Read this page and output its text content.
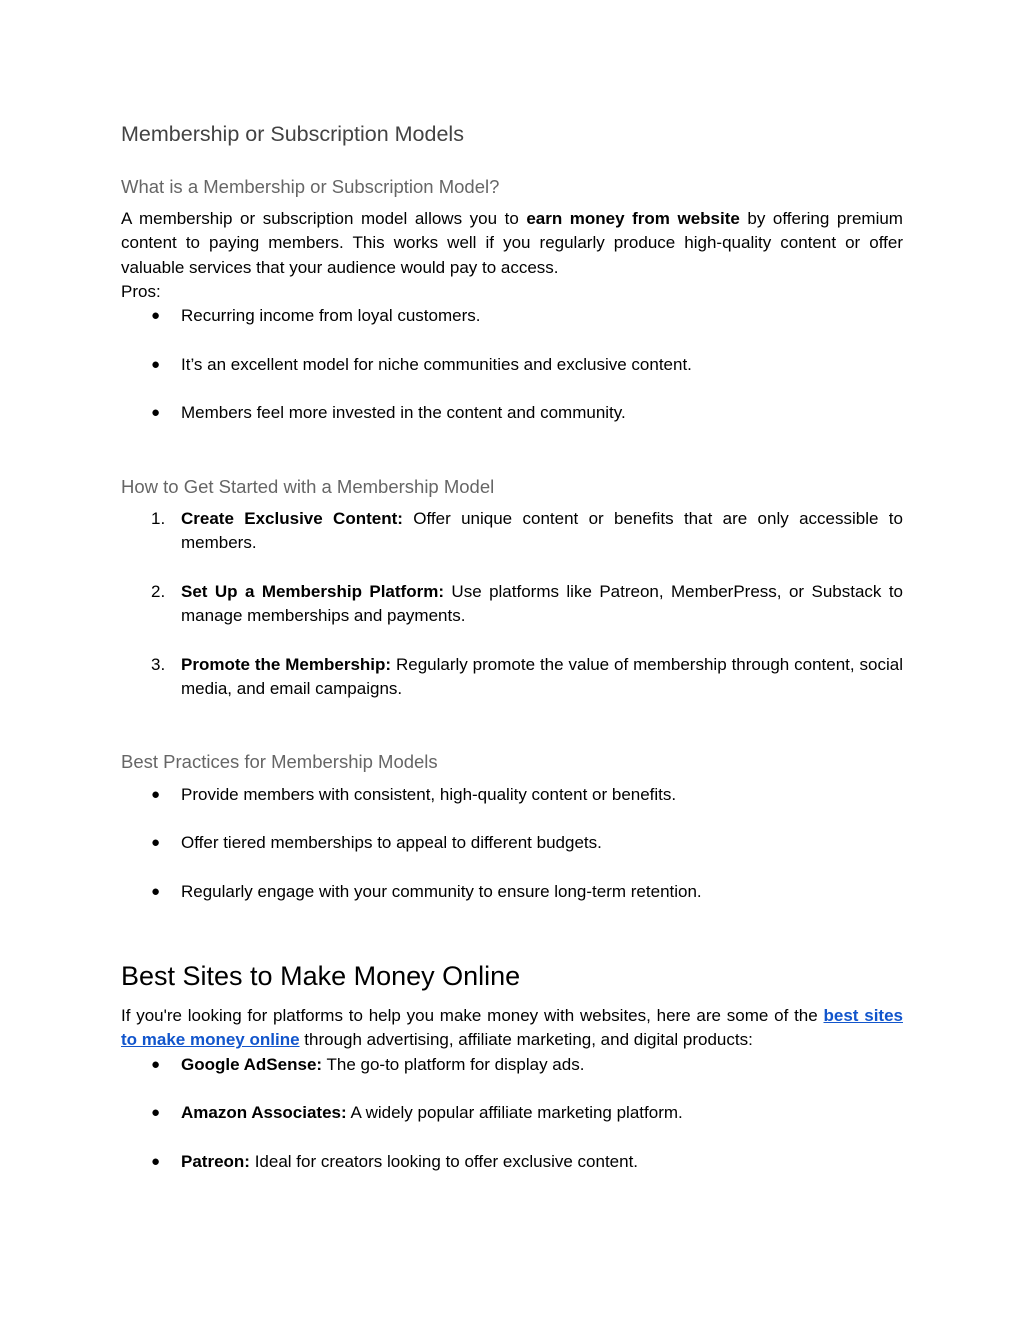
Membership or Subscription Models
What is a Membership or Subscription Model?
A membership or subscription model allows you to earn money from website by offering premium content to paying members. This works well if you regularly produce high-quality content or offer valuable services that your audience would pay to access.
Pros:
●	Recurring income from loyal customers.
●	It’s an excellent model for niche communities and exclusive content.
●	Members feel more invested in the content and community.
How to Get Started with a Membership Model
1. Create Exclusive Content: Offer unique content or benefits that are only accessible to members.
2. Set Up a Membership Platform: Use platforms like Patreon, MemberPress, or Substack to manage memberships and payments.
3. Promote the Membership: Regularly promote the value of membership through content, social media, and email campaigns.
Best Practices for Membership Models
●	Provide members with consistent, high-quality content or benefits.
●	Offer tiered memberships to appeal to different budgets.
●	Regularly engage with your community to ensure long-term retention.
Best Sites to Make Money Online
If you're looking for platforms to help you make money with websites, here are some of the best sites to make money online through advertising, affiliate marketing, and digital products:
●	Google AdSense: The go-to platform for display ads.
●	Amazon Associates: A widely popular affiliate marketing platform.
●	Patreon: Ideal for creators looking to offer exclusive content.
